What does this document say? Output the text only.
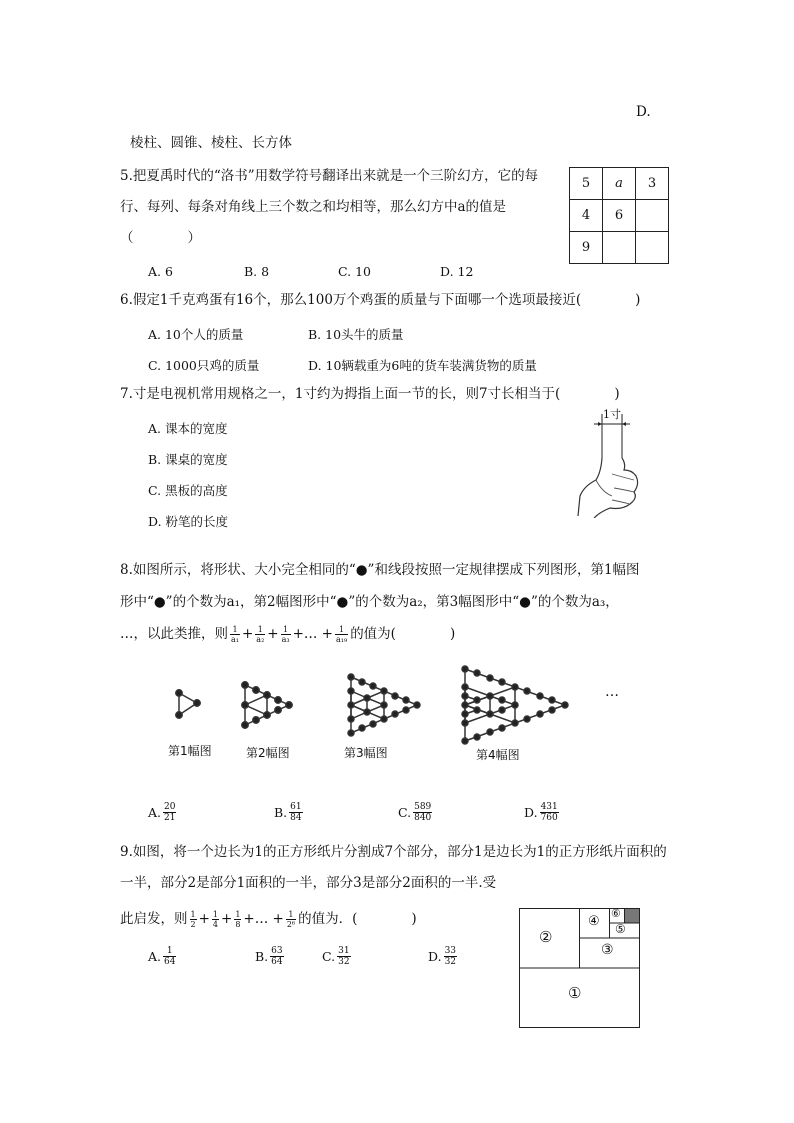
D.
棱柱、圆锥、棱柱、长方体
5.把夏禹时代的“洛书”用数学符号翻译出来就是一个三阶幻方，它的每
行、每列、每条对角线上三个数之和均相等，那么幻方中a的值是
（　　　　）
A. 6	B. 8	C. 10	D. 12
5	a	3
4	6	
9		
6.假定1千克鸡蛋有16个，那么100万个鸡蛋的质量与下面哪一个选项最接近(　　　　)
A. 10个人的质量	B. 10头牛的质量
C. 1000只鸡的质量	D. 10辆载重为6吨的货车装满货物的质量
7.寸是电视机常用规格之一，1寸约为拇指上面一节的长，则7寸长相当于(　　　　)
A. 课本的宽度
B. 课桌的宽度
C. 黑板的高度
D. 粉笔的长度
1寸
8.如图所示，将形状、大小完全相同的“●”和线段按照一定规律摆成下列图形，第1幅图
形中“●”的个数为a₁，第2幅图形中“●”的个数为a₂，第3幅图形中“●”的个数为a₃，
…，以此类推，则 $\frac{1}{\text{a₁}} + \frac{1}{\text{a₂}} + \frac{1}{\text{a₃}}$ +… + $\frac{1}{\text{a₁₉}}$ 的值为(　　　　)
…
第1幅图	第2幅图	第3幅图	第4幅图
A. $\frac{20}{21}$	B. $\frac{61}{84}$	C. $\frac{589}{840}$	D. $\frac{431}{760}$
9.如图，将一个边长为1的正方形纸片分割成7个部分，部分1是边长为1的正方形纸片面积的
一半，部分2是部分1面积的一半，部分3是部分2面积的一半.受
此启发，则 $\frac{1}{2} + \frac{1}{4} + \frac{1}{8}$ +… + $\frac{1}{\text{2⁶}}$ 的值为．(　　　　)
A. $\frac{1}{64}$	B. $\frac{63}{64}$	C. $\frac{31}{32}$	D. $\frac{33}{32}$
①
②
③
④ ⑤
⑥
